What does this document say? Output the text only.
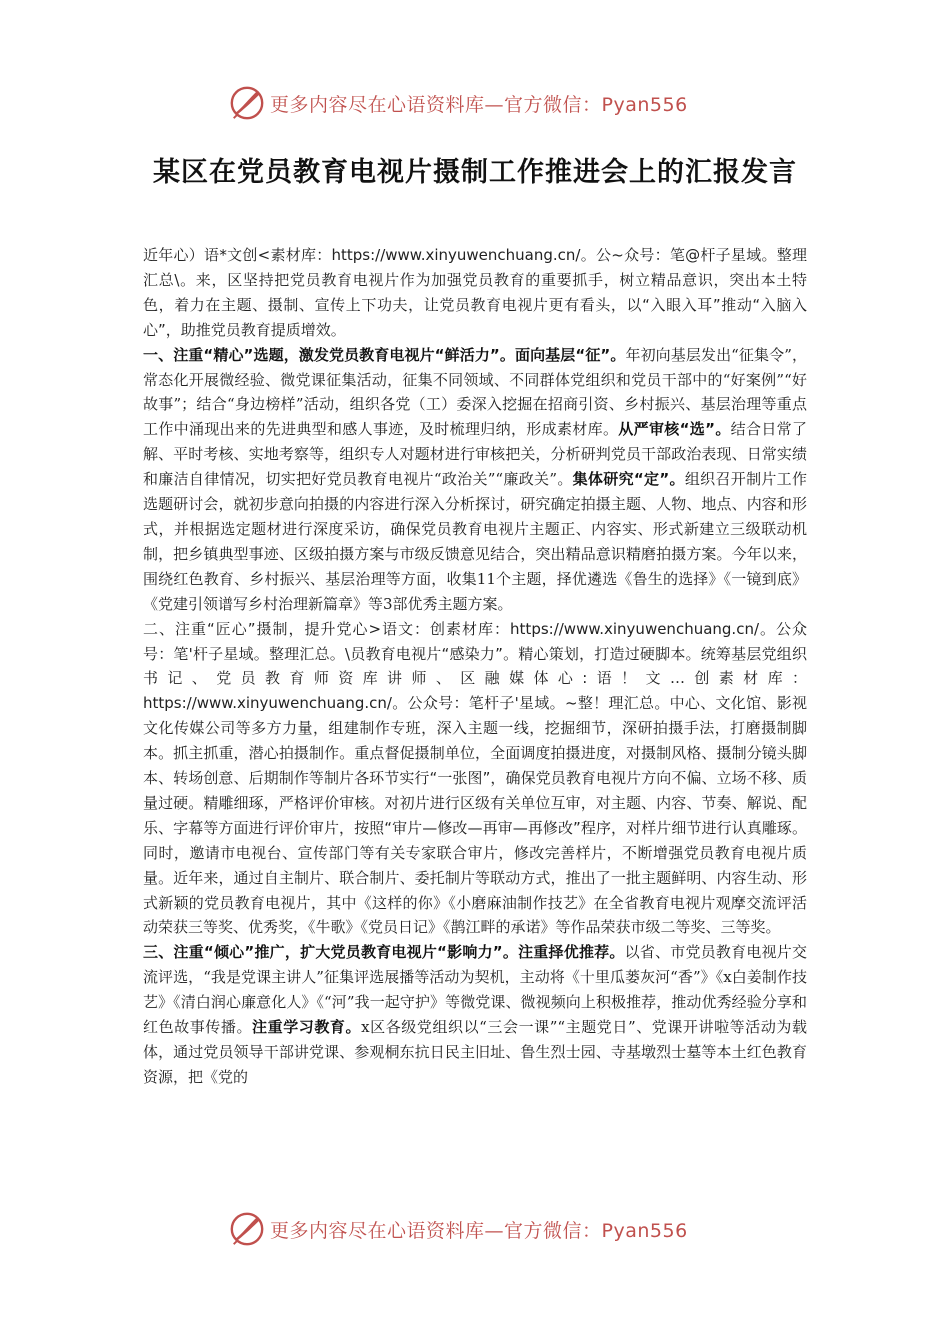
更多内容尽在心语资料库—官方微信：Pyan556
某区在党员教育电视片摄制工作推进会上的汇报发言

近年心）语*文创<素材库：https://www.xinyuwenchuang.cn/。公~众号：笔@杆子星域。整理汇总\。来，区坚持把党员教育电视片作为加强党员教育的重要抓手，树立精品意识，突出本土特色，着力在主题、摄制、宣传上下功夫，让党员教育电视片更有看头，以“入眼入耳”推动“入脑入心”，助推党员教育提质增效。

一、注重“精心”选题，激发党员教育电视片“鲜活力”。面向基层“征”。年初向基层发出“征集令”，常态化开展微经验、微党课征集活动，征集不同领域、不同群体党组织和党员干部中的“好案例”“好故事”；结合“身边榜样”活动，组织各党（工）委深入挖掘在招商引资、乡村振兴、基层治理等重点工作中涌现出来的先进典型和感人事迹，及时梳理归纳，形成素材库。从严审核“选”。结合日常了解、平时考核、实地考察等，组织专人对题材进行审核把关，分析研判党员干部政治表现、日常实绩和廉洁自律情况，切实把好党员教育电视片“政治关”“廉政关”。集体研究“定”。组织召开制片工作选题研讨会，就初步意向拍摄的内容进行深入分析探讨，研究确定拍摄主题、人物、地点、内容和形式，并根据选定题材进行深度采访，确保党员教育电视片主题正、内容实、形式新建立三级联动机制，把乡镇典型事迹、区级拍摄方案与市级反馈意见结合，突出精品意识精磨拍摄方案。今年以来，围绕红色教育、乡村振兴、基层治理等方面，收集11个主题，择优遴选《鲁生的选择》《一镜到底》《党建引领谱写乡村治理新篇章》等3部优秀主题方案。

二、注重“匠心”摄制，提升党心>语文：创素材库：https://www.xinyuwenchuang.cn/。公众号：笔'杆子星域。整理汇总。\员教育电视片“感染力”。精心策划，打造过硬脚本。统筹基层党组织书记、党员教育师资库讲师、区融媒体心:语！文…创素材库：https://www.xinyuwenchuang.cn/。公众号：笔杆子'星域。~整！理汇总。中心、文化馆、影视文化传媒公司等多方力量，组建制作专班，深入主题一线，挖掘细节，深研拍摄手法，打磨摄制脚本。抓主抓重，潜心拍摄制作。重点督促摄制单位，全面调度拍摄进度，对摄制风格、摄制分镜头脚本、转场创意、后期制作等制片各环节实行“一张图”，确保党员教育电视片方向不偏、立场不移、质量过硬。精雕细琢，严格评价审核。对初片进行区级有关单位互审，对主题、内容、节奏、解说、配乐、字幕等方面进行评价审片，按照“审片—修改—再审—再修改”程序，对样片细节进行认真雕琢。同时，邀请市电视台、宣传部门等有关专家联合审片，修改完善样片，不断增强党员教育电视片质量。近年来，通过自主制片、联合制片、委托制片等联动方式，推出了一批主题鲜明、内容生动、形式新颖的党员教育电视片，其中《这样的你》《小磨麻油制作技艺》在全省教育电视片观摩交流评活动荣获三等奖、优秀奖，《牛歌》《党员日记》《鹊江畔的承诺》等作品荣获市级二等奖、三等奖。

三、注重“倾心”推广，扩大党员教育电视片“影响力”。注重择优推荐。以省、市党员教育电视片交流评选，“我是党课主讲人”征集评选展播等活动为契机，主动将《十里瓜蒌灰河“香”》《x白姜制作技艺》《清白润心廉意化人》《“河”我一起守护》等微党课、微视频向上积极推荐，推动优秀经验分享和红色故事传播。注重学习教育。x区各级党组织以“三会一课”“主题党日”、党课开讲啦等活动为载体，通过党员领导干部讲党课、参观桐东抗日民主旧址、鲁生烈士园、寺基墩烈士墓等本土红色教育资源，把《党的

更多内容尽在心语资料库—官方微信：Pyan556
